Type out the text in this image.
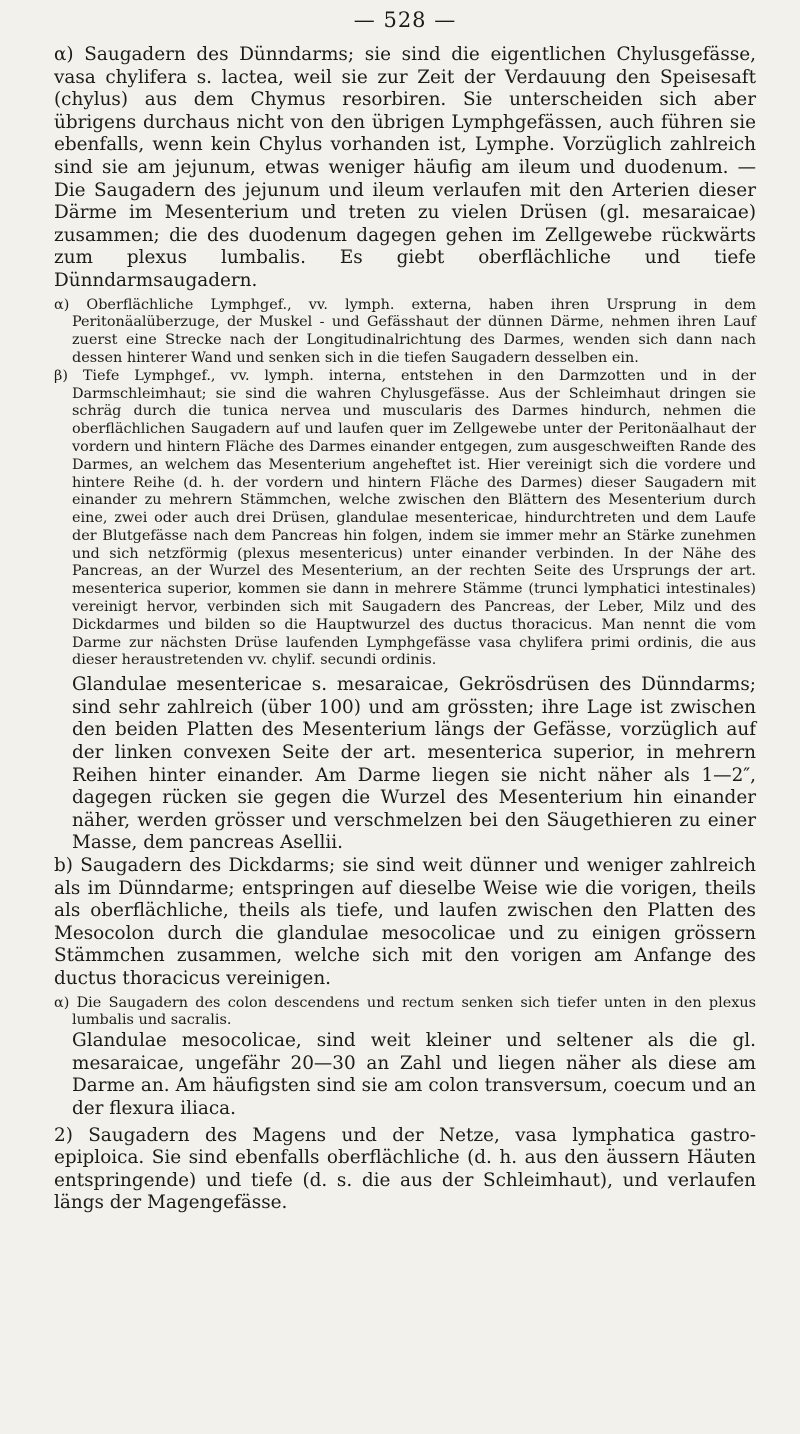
— 528 —

α) Saugadern des Dünndarms; sie sind die eigentlichen Chylusgefässe, vasa chylifera s. lactea, weil sie zur Zeit der Verdauung den Speisesaft (chylus) aus dem Chymus resorbiren. Sie unterscheiden sich aber übrigens durchaus nicht von den übrigen Lymphgefässen, auch führen sie ebenfalls, wenn kein Chylus vorhanden ist, Lymphe. Vorzüglich zahlreich sind sie am jejunum, etwas weniger häufig am ileum und duodenum. — Die Saugadern des jejunum und ileum verlaufen mit den Arterien dieser Därme im Mesenterium und treten zu vielen Drüsen (gl. mesaraicae) zusammen; die des duodenum dagegen gehen im Zellgewebe rückwärts zum plexus lumbalis. Es giebt oberflächliche und tiefe Dünndarmsaugadern.

α) Oberflächliche Lymphgef., vv. lymph. externa, haben ihren Ursprung in dem Peritonäalüberzuge, der Muskel - und Gefässhaut der dünnen Därme, nehmen ihren Lauf zuerst eine Strecke nach der Longitudinalrichtung des Darmes, wenden sich dann nach dessen hinterer Wand und senken sich in die tiefen Saugadern desselben ein.

β) Tiefe Lymphgef., vv. lymph. interna, entstehen in den Darmzotten und in der Darmschleimhaut; sie sind die wahren Chylusgefässe. Aus der Schleimhaut dringen sie schräg durch die tunica nervea und muscularis des Darmes hindurch, nehmen die oberflächlichen Saugadern auf und laufen quer im Zellgewebe unter der Peritonäalhaut der vordern und hintern Fläche des Darmes einander entgegen, zum ausgeschweiften Rande des Darmes, an welchem das Mesenterium angeheftet ist. Hier vereinigt sich die vordere und hintere Reihe (d. h. der vordern und hintern Fläche des Darmes) dieser Saugadern mit einander zu mehrern Stämmchen, welche zwischen den Blättern des Mesenterium durch eine, zwei oder auch drei Drüsen, glandulae mesentericae, hindurchtreten und dem Laufe der Blutgefässe nach dem Pancreas hin folgen, indem sie immer mehr an Stärke zunehmen und sich netzförmig (plexus mesentericus) unter einander verbinden. In der Nähe des Pancreas, an der Wurzel des Mesenterium, an der rechten Seite des Ursprungs der art. mesenterica superior, kommen sie dann in mehrere Stämme (trunci lymphatici intestinales) vereinigt hervor, verbinden sich mit Saugadern des Pancreas, der Leber, Milz und des Dickdarmes und bilden so die Hauptwurzel des ductus thoracicus. Man nennt die vom Darme zur nächsten Drüse laufenden Lymphgefässe vasa chylifera primi ordinis, die aus dieser heraustretenden vv. chylif. secundi ordinis.

Glandulae mesentericae s. mesaraicae, Gekrösdrüsen des Dünndarms; sind sehr zahlreich (über 100) und am grössten; ihre Lage ist zwischen den beiden Platten des Mesenterium längs der Gefässe, vorzüglich auf der linken convexen Seite der art. mesenterica superior, in mehrern Reihen hinter einander. Am Darme liegen sie nicht näher als 1—2″, dagegen rücken sie gegen die Wurzel des Mesenterium hin einander näher, werden grösser und verschmelzen bei den Säugethieren zu einer Masse, dem pancreas Asellii.

b) Saugadern des Dickdarms; sie sind weit dünner und weniger zahlreich als im Dünndarme; entspringen auf dieselbe Weise wie die vorigen, theils als oberflächliche, theils als tiefe, und laufen zwischen den Platten des Mesocolon durch die glandulae mesocolicae und zu einigen grössern Stämmchen zusammen, welche sich mit den vorigen am Anfange des ductus thoracicus vereinigen.

α) Die Saugadern des colon descendens und rectum senken sich tiefer unten in den plexus lumbalis und sacralis.

Glandulae mesocolicae, sind weit kleiner und seltener als die gl. mesaraicae, ungefähr 20—30 an Zahl und liegen näher als diese am Darme an. Am häufigsten sind sie am colon transversum, coecum und an der flexura iliaca.

2) Saugadern des Magens und der Netze, vasa lymphatica gastro-epiploica. Sie sind ebenfalls oberflächliche (d. h. aus den äussern Häuten entspringende) und tiefe (d. s. die aus der Schleimhaut), und verlaufen längs der Magengefässe.
